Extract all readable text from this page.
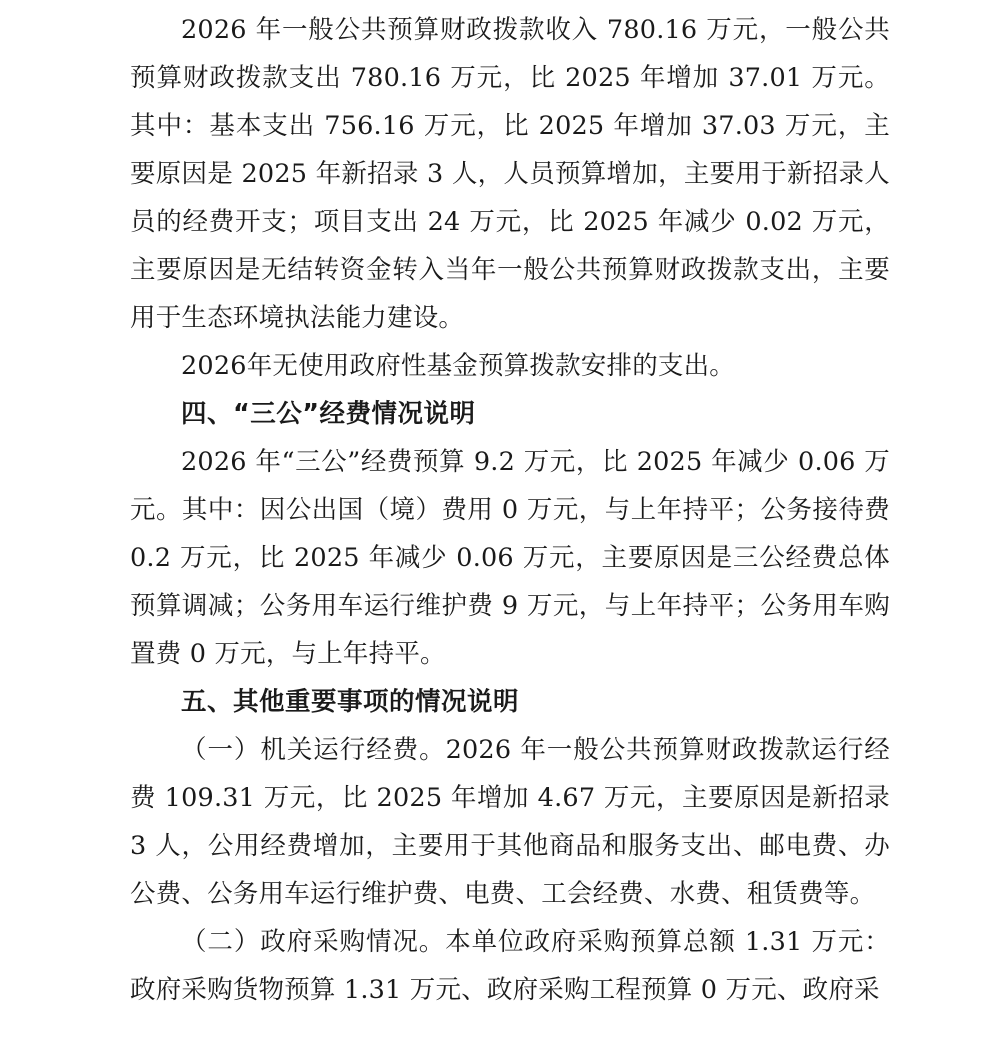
2026 年一般公共预算财政拨款收入 780.16 万元，一般公共预算财政拨款支出 780.16 万元，比 2025 年增加 37.01 万元。其中：基本支出 756.16 万元，比 2025 年增加 37.03 万元，主要原因是 2025 年新招录 3 人，人员预算增加，主要用于新招录人员的经费开支；项目支出 24 万元，比 2025 年减少 0.02 万元，主要原因是无结转资金转入当年一般公共预算财政拨款支出，主要用于生态环境执法能力建设。

2026年无使用政府性基金预算拨款安排的支出。

四、“三公”经费情况说明

2026 年“三公”经费预算 9.2 万元，比 2025 年减少 0.06 万元。其中：因公出国（境）费用 0 万元，与上年持平；公务接待费 0.2 万元，比 2025 年减少 0.06 万元，主要原因是三公经费总体预算调减；公务用车运行维护费 9 万元，与上年持平；公务用车购置费 0 万元，与上年持平。

五、其他重要事项的情况说明

（一）机关运行经费。2026 年一般公共预算财政拨款运行经费 109.31 万元，比 2025 年增加 4.67 万元，主要原因是新招录 3 人，公用经费增加，主要用于其他商品和服务支出、邮电费、办公费、公务用车运行维护费、电费、工会经费、水费、租赁费等。

（二）政府采购情况。本单位政府采购预算总额 1.31 万元：政府采购货物预算 1.31 万元、政府采购工程预算 0 万元、政府采
